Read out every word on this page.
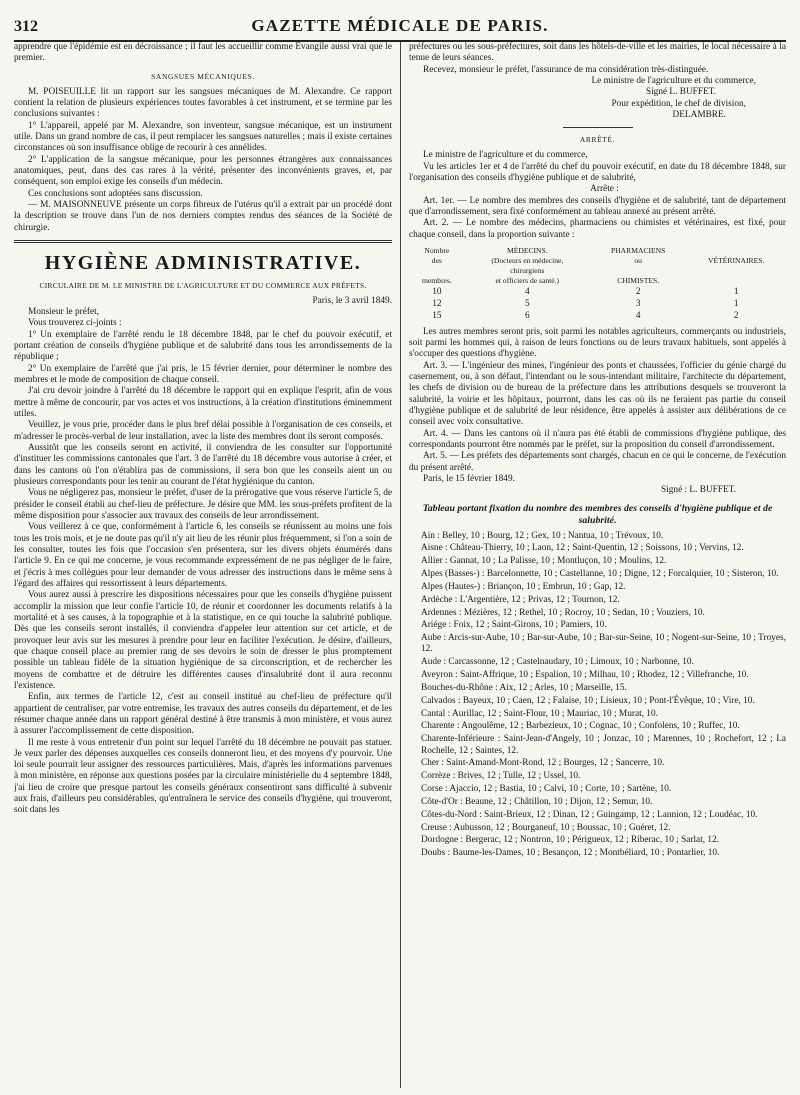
312	GAZETTE MÉDICALE DE PARIS.

apprendre que l'épidémie est en décroissance ; il faut les accueillir comme Évangile aussi vrai que le premier.

SANGSUES MÉCANIQUES.

M. POISEUILLE lit un rapport sur les sangsues mécaniques de M. Alexandre. Ce rapport contient la relation de plusieurs expériences toutes favorables à cet instrument, et se termine par les conclusions suivantes :

1° L'appareil, appelé par M. Alexandre, son inventeur, sangsue mécanique, est un instrument utile. Dans un grand nombre de cas, il peut remplacer les sangsues naturelles ; mais il existe certaines circonstances où son insuffisance oblige de recourir à ces annélides.

2° L'application de la sangsue mécanique, pour les personnes étrangères aux connaissances anatomiques, peut, dans des cas rares à la vérité, présenter des inconvénients graves, et, par conséquent, son emploi exige les conseils d'un médecin.

Ces conclusions sont adoptées sans discussion.

— M. MAISONNEUVE présente un corps fibreux de l'utérus qu'il a extrait par un procédé dont la description se trouve dans l'un de nos derniers comptes rendus des séances de la Société de chirurgie.

HYGIÈNE ADMINISTRATIVE.
CIRCULAIRE DE M. LE MINISTRE DE L'AGRICULTURE ET DU COMMERCE AUX PRÉFETS.

Paris, le 3 avril 1849.

Monsieur le préfet,

Vous trouverez ci-joints :

1° Un exemplaire de l'arrêté rendu le 18 décembre 1848, par le chef du pouvoir exécutif, et portant création de conseils d'hygiène publique et de salubrité dans tous les arrondissements de la république ;

2° Un exemplaire de l'arrêté que j'ai pris, le 15 février dernier, pour déterminer le nombre des membres et le mode de composition de chaque conseil.

J'ai cru devoir joindre à l'arrêté du 18 décembre le rapport qui en explique l'esprit, afin de vous mettre à même de concourir, par vos actes et vos instructions, à la création d'institutions éminemment utiles.

Veuillez, je vous prie, procéder dans le plus bref délai possible à l'organisation de ces conseils, et m'adresser le procès-verbal de leur installation, avec la liste des membres dont ils seront composés.

Aussitôt que les conseils seront en activité, il conviendra de les consulter sur l'opportunité d'instituer les commissions cantonales que l'art. 3 de l'arrêté du 18 décembre vous autorise à créer, et dans les cantons où l'on n'établira pas de commissions, il sera bon que les conseils aient un ou plusieurs correspondants pour les tenir au courant de l'état hygiénique du canton.

Vous ne négligerez pas, monsieur le préfet, d'user de la prérogative que vous réserve l'article 5, de présider le conseil établi au chef-lieu de préfecture. Je désire que MM. les sous-préfets profitent de la même disposition pour s'associer aux travaux des conseils de leur arrondissement.

Vous veillerez à ce que, conformément à l'article 6, les conseils se réunissent au moins une fois tous les trois mois, et je ne doute pas qu'il n'y ait lieu de les réunir plus fréquemment, si l'on a soin de les consulter, toutes les fois que l'occasion s'en présentera, sur les divers objets énumérés dans l'article 9. En ce qui me concerne, je vous recommande expressément de ne pas négliger de le faire, et j'écris à mes collègues pour leur demander de vous adresser des instructions dans le même sens à l'égard des affaires qui ressortissent à leurs départements.

Vous aurez aussi à prescrire les dispositions nécessaires pour que les conseils d'hygiène puissent accomplir la mission que leur confie l'article 10, de réunir et coordonner les documents relatifs à la mortalité et à ses causes, à la topographie et à la statistique, en ce qui touche la salubrité publique. Dès que les conseils seront installés, il conviendra d'appeler leur attention sur cet article, et de provoquer leur avis sur les mesures à prendre pour leur en faciliter l'exécution. Je désire, d'ailleurs, que chaque conseil place au premier rang de ses devoirs le soin de dresser le plus promptement possible un tableau fidèle de la situation hygiénique de sa circonscription, et de rechercher les moyens de combattre et de détruire les différentes causes d'insalubrité dont il aura reconnu l'existence.

Enfin, aux termes de l'article 12, c'est au conseil institué au chef-lieu de préfecture qu'il appartient de centraliser, par votre entremise, les travaux des autres conseils du département, et de les résumer chaque année dans un rapport général destiné à être transmis à mon ministère, et vous aurez à assurer l'accomplissement de cette disposition.

Il me reste à vous entretenir d'un point sur lequel l'arrêté du 18 décembre ne pouvait pas statuer. Je veux parler des dépenses auxquelles ces conseils donneront lieu, et des moyens d'y pourvoir. Une loi seule pourrait leur assigner des ressources particulières. Mais, d'après les informations parvenues à mon ministère, en réponse aux questions posées par la circulaire ministérielle du 4 septembre 1848, j'ai lieu de croire que presque partout les conseils généraux consentiront sans difficulté à subvenir aux frais, d'ailleurs peu considérables, qu'entraînera le service des conseils d'hygiène, qui trouveront, soit dans les

préfectures ou les sous-préfectures, soit dans les hôtels-de-ville et les mairies, le local nécessaire à la tenue de leurs séances.

Recevez, monsieur le préfet, l'assurance de ma considération très-distinguée.

Le ministre de l'agriculture et du commerce,

Signé L. BUFFET.

Pour expédition, le chef de division,

DELAMBRE.

ARRÊTÉ.

Le ministre de l'agriculture et du commerce,

Vu les articles 1er et 4 de l'arrêté du chef du pouvoir exécutif, en date du 18 décembre 1848, sur l'organisation des conseils d'hygiène publique et de salubrité,

Arrête :

Art. 1er. — Le nombre des membres des conseils d'hygiène et de salubrité, tant de département que d'arrondissement, sera fixé conformément au tableau annexé au présent arrêté.

Art. 2. — Le nombre des médecins, pharmaciens ou chimistes et vétérinaires, est fixé, pour chaque conseil, dans la proportion suivante :

Nombre	MÉDECINS.	PHARMACIENS	
des	(Docteurs en médecine,	ou	VÉTÉRINAIRES.
	chirurgiens		
membres.	et officiers de santé.)	CHIMISTES.	
10	4	2	1
12	5	3	1
15	6	4	2

Les autres membres seront pris, soit parmi les notables agriculteurs, commerçants ou industriels, soit parmi les hommes qui, à raison de leurs fonctions ou de leurs travaux habituels, sont appelés à s'occuper des questions d'hygiène.

Art. 3. — L'ingénieur des mines, l'ingénieur des ponts et chaussées, l'officier du génie chargé du casernement, ou, à son défaut, l'intendant ou le sous-intendant militaire, l'architecte du département, les chefs de division ou de bureau de la préfecture dans les attributions desquels se trouveront la salubrité, la voirie et les hôpitaux, pourront, dans les cas où ils ne feraient pas partie du conseil d'hygiène publique et de salubrité de leur résidence, être appelés à assister aux délibérations de ce conseil avec voix consultative.

Art. 4. — Dans les cantons où il n'aura pas été établi de commissions d'hygiène publique, des correspondants pourront être nommés par le préfet, sur la proposition du conseil d'arrondissement.

Art. 5. — Les préfets des départements sont chargés, chacun en ce qui le concerne, de l'exécution du présent arrêté.

Paris, le 15 février 1849.

Signé : L. BUFFET.

Tableau portant fixation du nombre des membres des conseils d'hygiène publique et de salubrité.

Ain : Belley, 10 ; Bourg, 12 ; Gex, 10 ; Nantua, 10 ; Trévoux, 10.

Aisne : Château-Thierry, 10 ; Laon, 12 ; Saint-Quentin, 12 ; Soissons, 10 ; Vervins, 12.

Allier : Gannat, 10 ; La Palisse, 10 ; Montluçon, 10 ; Moulins, 12.

Alpes (Basses-) : Barcelonnette, 10 ; Castellanne, 10 ; Digne, 12 ; Forcalquier, 10 ; Sisteron, 10.

Alpes (Hautes-) : Briançon, 10 ; Embrun, 10 ; Gap, 12.

Ardèche : L'Argentière, 12 ; Privas, 12 ; Tournon, 12.

Ardennes : Mézières, 12 ; Rethel, 10 ; Rocroy, 10 ; Sedan, 10 ; Vouziers, 10.

Ariége : Foix, 12 ; Saint-Girons, 10 ; Pamiers, 10.

Aube : Arcis-sur-Aube, 10 ; Bar-sur-Aube, 10 ; Bar-sur-Seine, 10 ; Nogent-sur-Seine, 10 ; Troyes, 12.

Aude : Carcassonne, 12 ; Castelnaudary, 10 ; Limoux, 10 ; Narbonne, 10.

Aveyron : Saint-Affrique, 10 ; Espalion, 10 ; Milhau, 10 ; Rhodez, 12 ; Villefranche, 10.

Bouches-du-Rhône : Aix, 12 ; Arles, 10 ; Marseille, 15.

Calvados : Bayeux, 10 ; Caen, 12 ; Falaise, 10 ; Lisieux, 10 ; Pont-l'Évêque, 10 ; Vire, 10.

Cantal : Aurillac, 12 ; Saint-Flour, 10 ; Mauriac, 10 ; Murat, 10.

Charente : Angoulême, 12 ; Barbezieux, 10 ; Cognac, 10 ; Confolens, 10 ; Ruffec, 10.

Charente-Inférieure : Saint-Jean-d'Angely, 10 ; Jonzac, 10 ; Marennes, 10 ; Rochefort, 12 ; La Rochelle, 12 ; Saintes, 12.

Cher : Saint-Amand-Mont-Rond, 12 ; Bourges, 12 ; Sancerre, 10.

Corrèze : Brives, 12 ; Tulle, 12 ; Ussel, 10.

Corse : Ajaccio, 12 ; Bastia, 10 ; Calvi, 10 ; Corte, 10 ; Sartène, 10.

Côte-d'Or : Beaune, 12 ; Châtillon, 10 ; Dijon, 12 ; Semur, 10.

Côtes-du-Nord : Saint-Brieux, 12 ; Dinan, 12 ; Guingamp, 12 ; Lannion, 12 ; Loudéac, 10.

Creuse : Aubusson, 12 ; Bourganeuf, 10 ; Boussac, 10 ; Guéret, 12.

Dordogne : Bergerac, 12 ; Nontron, 10 ; Périgueux, 12 ; Riberac, 10 ; Sarlat, 12.

Doubs : Baume-les-Dames, 10 ; Besançon, 12 ; Montbéliard, 10 ; Pontarlier, 10.
